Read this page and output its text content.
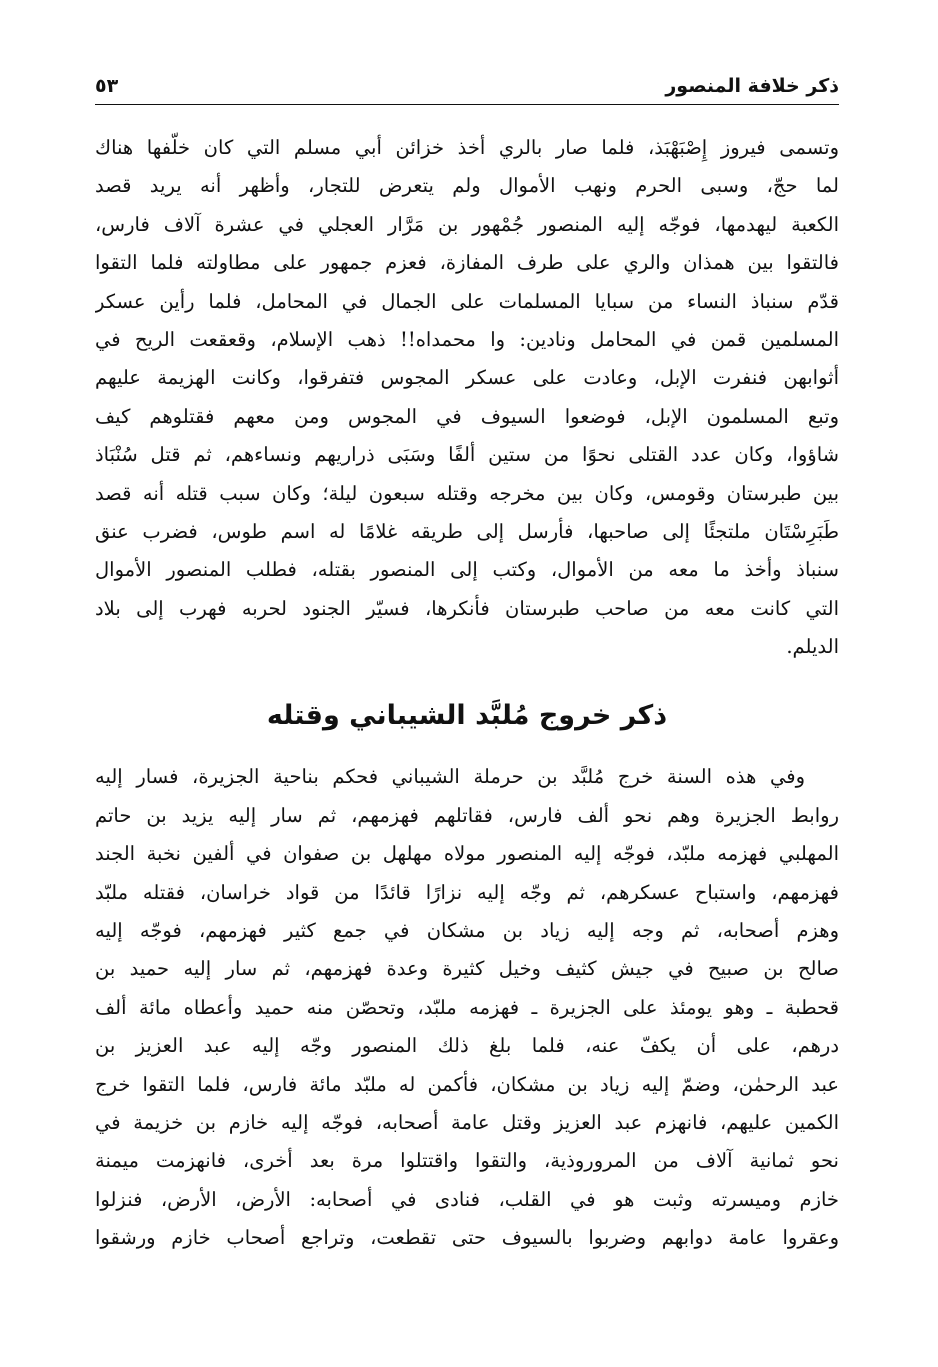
ذكر خلافة المنصور
٥٣
وتسمى فيروز إِصْبَهْبَذ، فلما صار بالري أخذ خزائن أبي مسلم التي كان خلّفها هناك
لما حجّ، وسبى الحرم ونهب الأموال ولم يتعرض للتجار، وأظهر أنه يريد قصد
الكعبة ليهدمها، فوجّه إليه المنصور جُمْهور بن مَرَّار العجلي في عشرة آلاف فارس،
فالتقوا بين همذان والري على طرف المفازة، فعزم جمهور على مطاولته فلما التقوا
قدّم سنباذ النساء من سبايا المسلمات على الجمال في المحامل، فلما رأين عسكر
المسلمين قمن في المحامل ونادين: وا محمداه!! ذهب الإسلام، وقعقعت الريح في
أثوابهن فنفرت الإبل، وعادت على عسكر المجوس فتفرقوا، وكانت الهزيمة عليهم
وتبع المسلمون الإبل، فوضعوا السيوف في المجوس ومن معهم فقتلوهم كيف
شاؤوا، وكان عدد القتلى نحوًا من ستين ألفًا وسَبَى ذراريهم ونساءهم، ثم قتل سُنْبَاذ
بين طبرستان وقومس، وكان بين مخرجه وقتله سبعون ليلة؛ وكان سبب قتله أنه قصد
طَبَرِسْتَان ملتجئًا إلى صاحبها، فأرسل إلى طريقه غلامًا له اسم طوس، فضرب عنق
سنباذ وأخذ ما معه من الأموال، وكتب إلى المنصور بقتله، فطلب المنصور الأموال
التي كانت معه من صاحب طبرستان فأنكرها، فسيّر الجنود لحربه فهرب إلى بلاد
الديلم.
ذكر خروج مُلبَّد الشيباني وقتله
وفي هذه السنة خرج مُلبَّد بن حرملة الشيباني فحكم بناحية الجزيرة، فسار إليه
روابط الجزيرة وهم نحو ألف فارس، فقاتلهم فهزمهم، ثم سار إليه يزيد بن حاتم
المهلبي فهزمه ملبّد، فوجّه إليه المنصور مولاه مهلهل بن صفوان في ألفين نخبة الجند
فهزمهم، واستباح عسكرهم، ثم وجّه إليه نزارًا قائدًا من قواد خراسان، فقتله ملبّد
وهزم أصحابه، ثم وجه إليه زياد بن مشكان في جمع كثير فهزمهم، فوجّه إليه
صالح بن صبيح في جيش كثيف وخيل كثيرة وعدة فهزمهم، ثم سار إليه حميد بن
قحطبة ـ وهو يومئذ على الجزيرة ـ فهزمه ملبّد، وتحصّن منه حميد وأعطاه مائة ألف
درهم، على أن يكفّ عنه، فلما بلغ ذلك المنصور وجّه إليه عبد العزيز بن
عبد الرحمٰن، وضمّ إليه زياد بن مشكان، فأكمن له ملبّد مائة فارس، فلما التقوا خرج
الكمين عليهم، فانهزم عبد العزيز وقتل عامة أصحابه، فوجّه إليه خازم بن خزيمة في
نحو ثمانية آلاف من المروروذية، والتقوا واقتتلوا مرة بعد أخرى، فانهزمت ميمنة
خازم وميسرته وثبت هو في القلب، فنادى في أصحابه: الأرض، الأرض، فنزلوا
وعقروا عامة دوابهم وضربوا بالسيوف حتى تقطعت، وتراجع أصحاب خازم ورشقوا
